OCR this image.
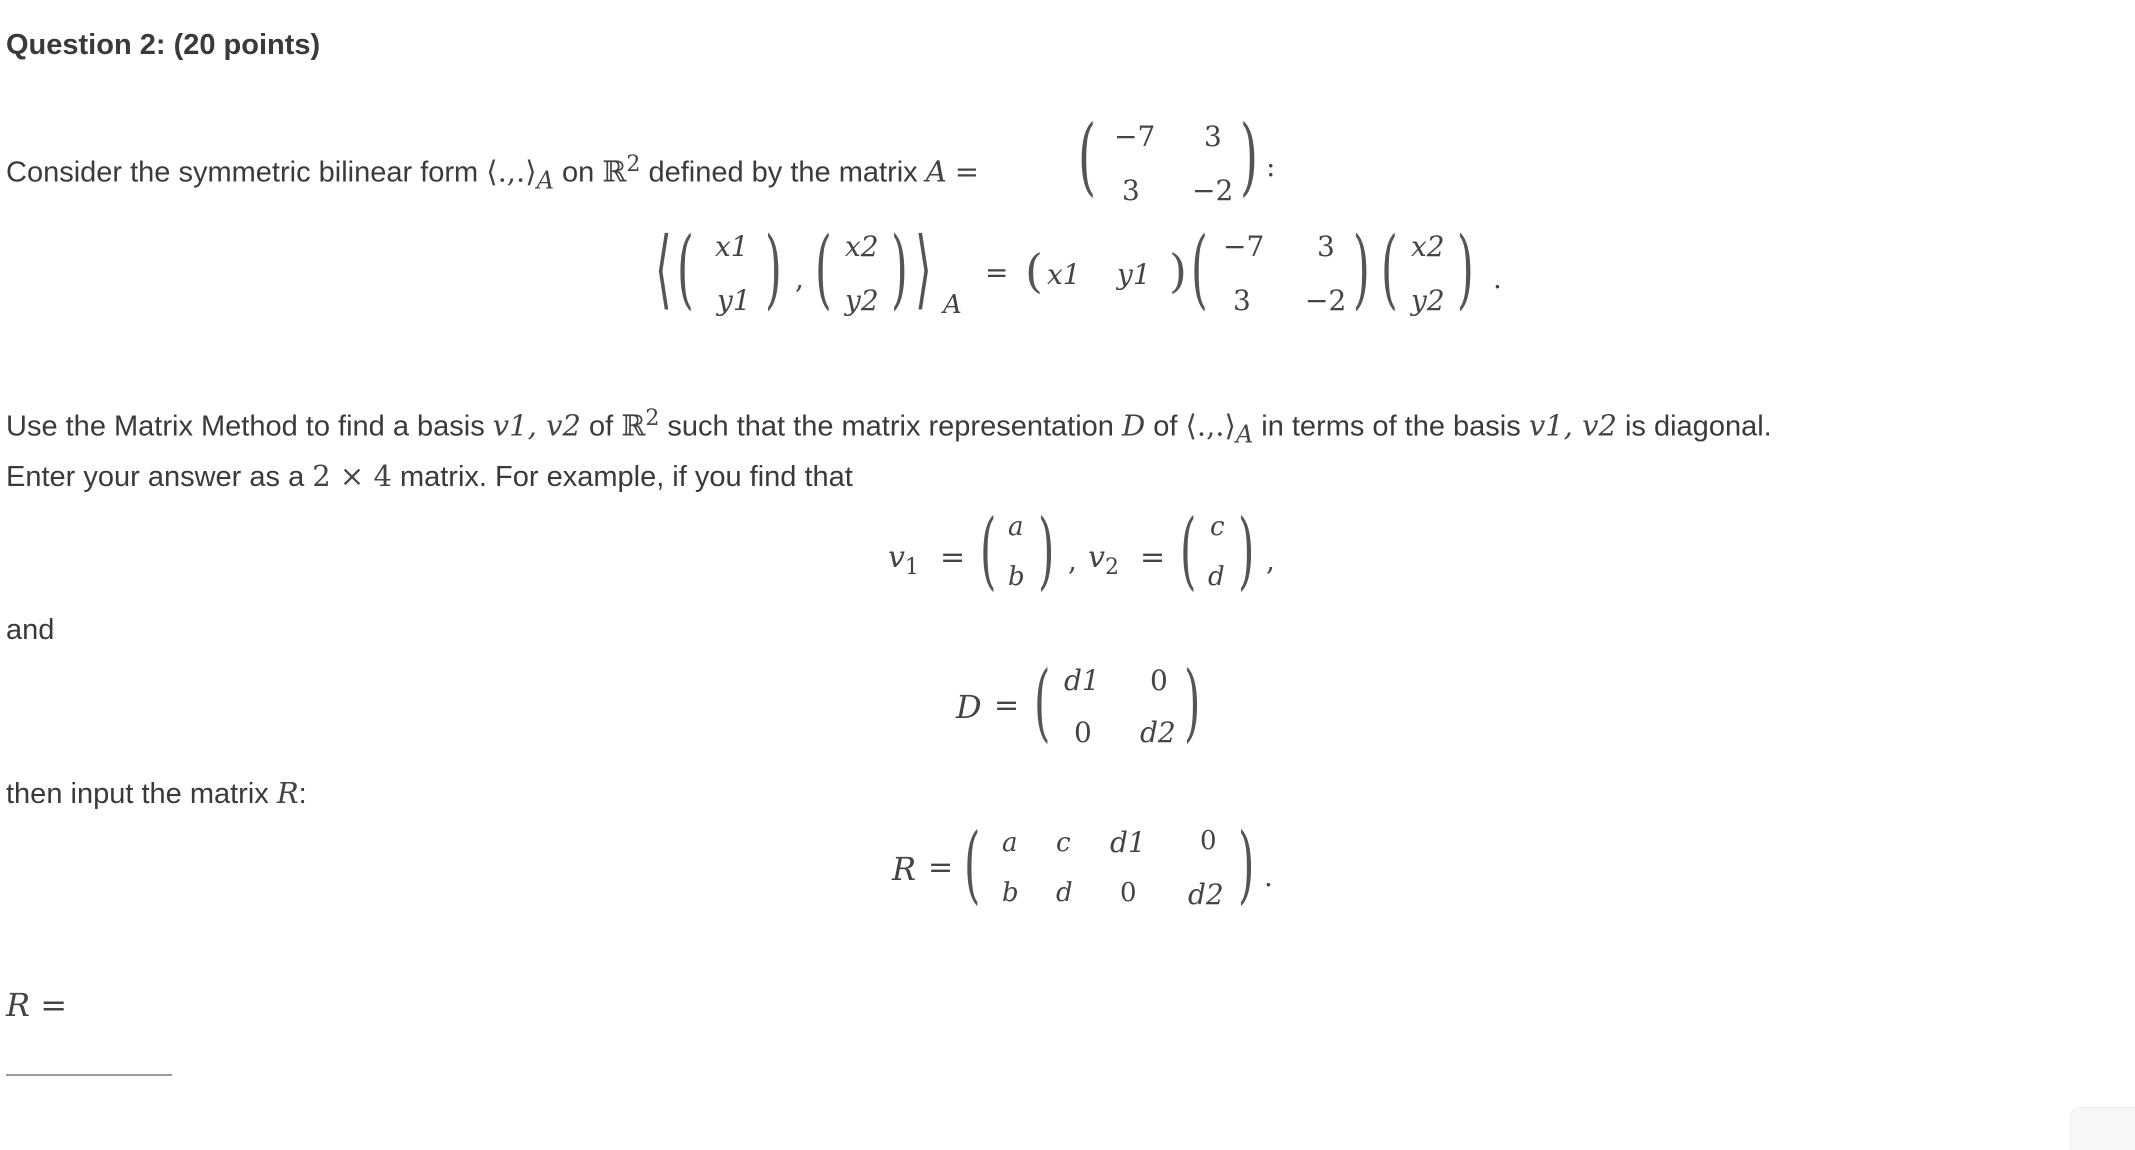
Question 2: (20 points)
Consider the symmetric bilinear form $⟨.,.⟩_A$ on ℝ$^2$ defined by the matrix A = ( −7 3
3 −2 ) :
⟨ ( x1
y1 ) , ( x2
y2 ) ⟩ A
= ( x1 y1 ) ( −7 3
3 −2 ) ( x2
y2 ) .
Use the Matrix Method to find a basis v1, v2 of ℝ$^2$ such that the matrix representation D of $⟨.,.⟩_A$ in terms of the basis v1, v2 is diagonal.
Enter your answer as a 2 × 4 matrix. For example, if you find that
$v_1$ = ( a
b ) , $v_2$ = ( c
d ) ,
and
D = ( d1 0
0 d2 )
then input the matrix R:
R = ( a c d1 0
b d 0 d2 ) .
R =
